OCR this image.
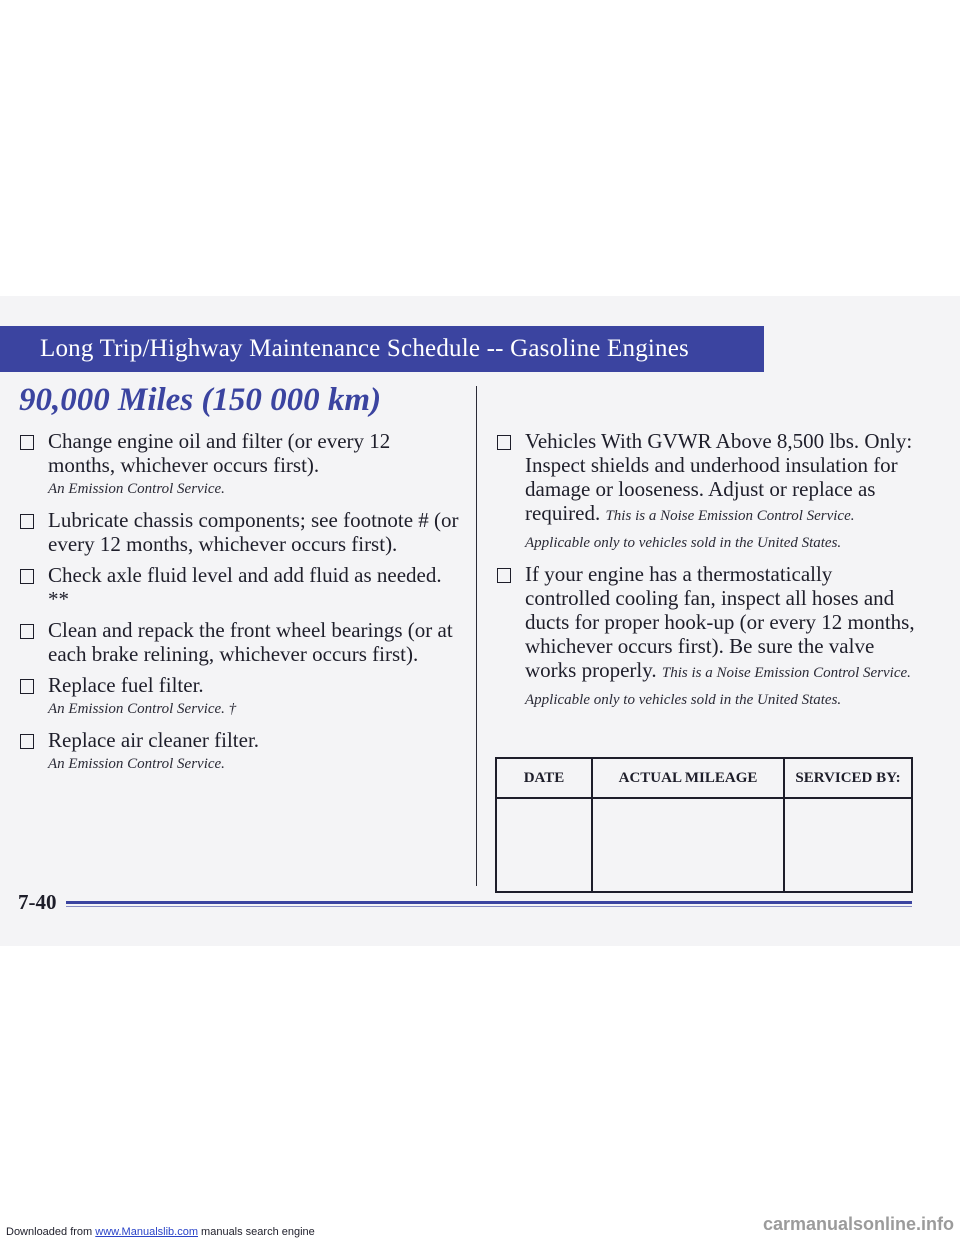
Long Trip/Highway Maintenance Schedule -- Gasoline Engines
90,000 Miles (150 000 km)
Change engine oil and filter (or every 12 months, whichever occurs first).
An Emission Control Service.
Lubricate chassis components; see footnote # (or every 12 months, whichever occurs first).
Check axle fluid level and add fluid as needed. **
Clean and repack the front wheel bearings (or at each brake relining, whichever occurs first).
Replace fuel filter.
An Emission Control Service. †
Replace air cleaner filter.
An Emission Control Service.
Vehicles With GVWR Above 8,500 lbs. Only: Inspect shields and underhood insulation for damage or looseness. Adjust or replace as required. This is a Noise Emission Control Service. Applicable only to vehicles sold in the United States.
If your engine has a thermostatically controlled cooling fan, inspect all hoses and ducts for proper hook-up (or every 12 months, whichever occurs first). Be sure the valve works properly. This is a Noise Emission Control Service. Applicable only to vehicles sold in the United States.
DATE	ACTUAL MILEAGE	SERVICED BY:

7-40
Downloaded from www.Manualslib.com manuals search engine	carmanualsonline.info
